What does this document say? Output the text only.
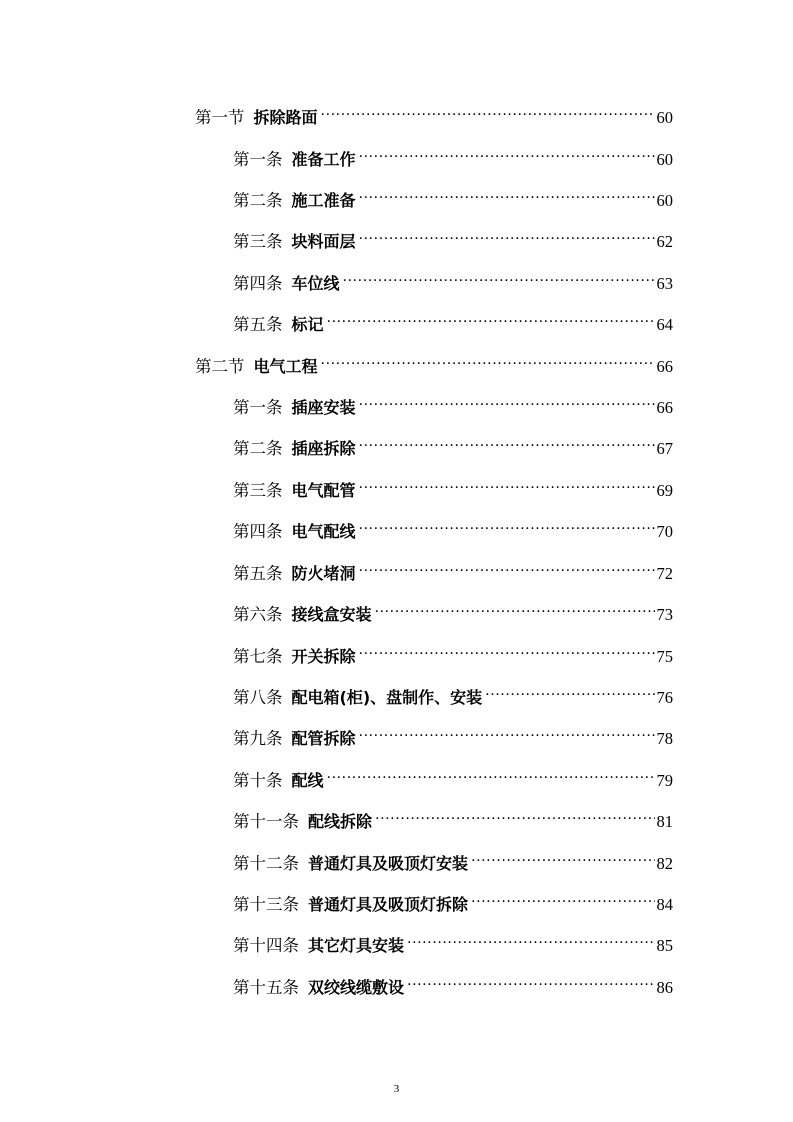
第一节 拆除路面 .....	60
第一条 准备工作 .....	60
第二条 施工准备 .....	60
第三条 块料面层 .....	62
第四条 车位线 .....	63
第五条 标记 .....	64
第二节 电气工程 .....	66
第一条 插座安装 .....	66
第二条 插座拆除 .....	67
第三条 电气配管 .....	69
第四条 电气配线 .....	70
第五条 防火堵洞 .....	72
第六条 接线盒安装 .....	73
第七条 开关拆除 .....	75
第八条 配电箱(柜)、盘制作、安装 .....	76
第九条 配管拆除 .....	78
第十条 配线 .....	79
第十一条 配线拆除 .....	81
第十二条 普通灯具及吸顶灯安装 .....	82
第十三条 普通灯具及吸顶灯拆除 .....	84
第十四条 其它灯具安装 .....	85
第十五条 双绞线缆敷设 .....	86
3
